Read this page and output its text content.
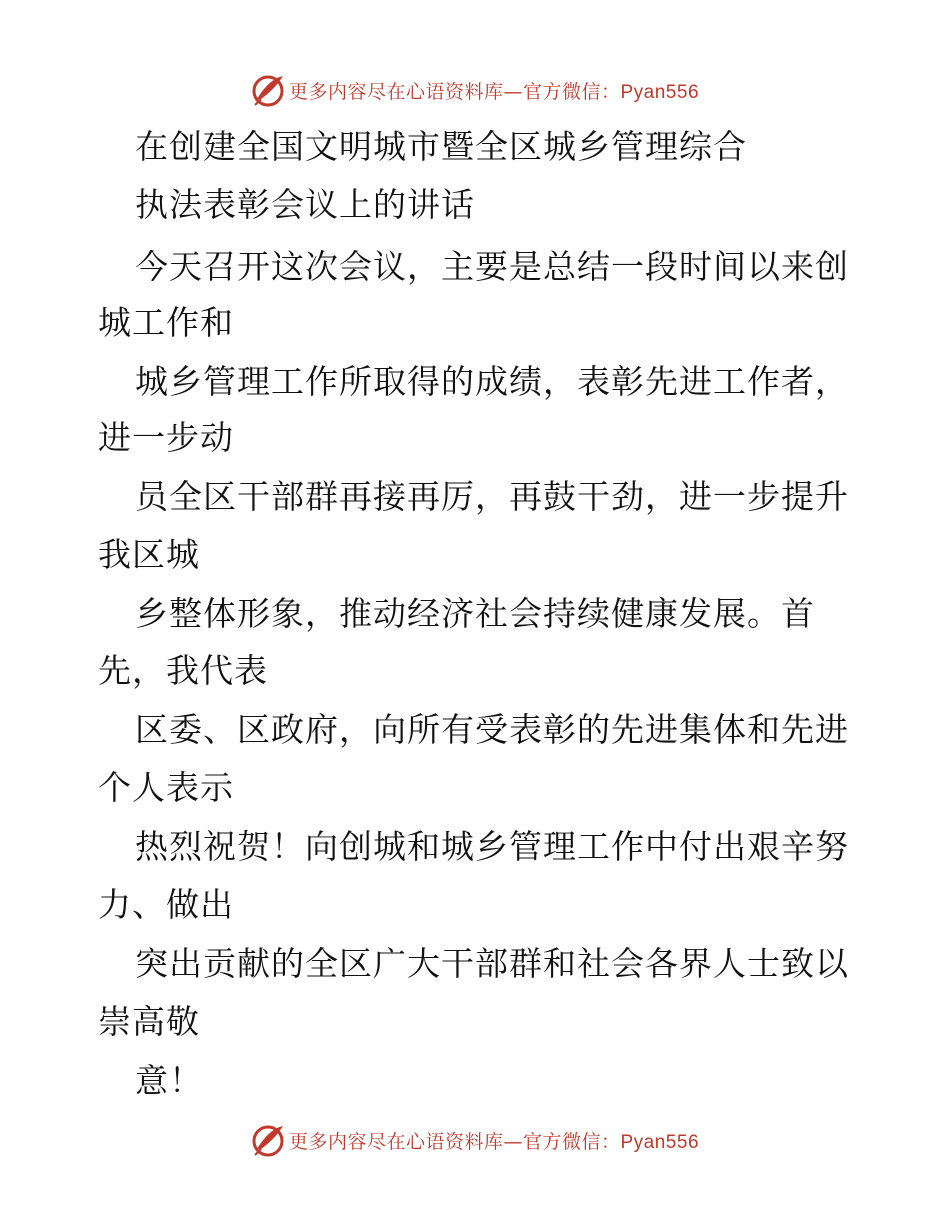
更多内容尽在心语资料库—官方微信：Pyan556
在创建全国文明城市暨全区城乡管理综合
执法表彰会议上的讲话
今天召开这次会议，主要是总结一段时间以来创
城工作和
城乡管理工作所取得的成绩，表彰先进工作者，
进一步动
员全区干部群再接再厉，再鼓干劲，进一步提升
我区城
乡整体形象，推动经济社会持续健康发展。首
先，我代表
区委、区政府，向所有受表彰的先进集体和先进
个人表示
热烈祝贺！向创城和城乡管理工作中付出艰辛努
力、做出
突出贡献的全区广大干部群和社会各界人士致以
崇高敬
意！
更多内容尽在心语资料库—官方微信：Pyan556
